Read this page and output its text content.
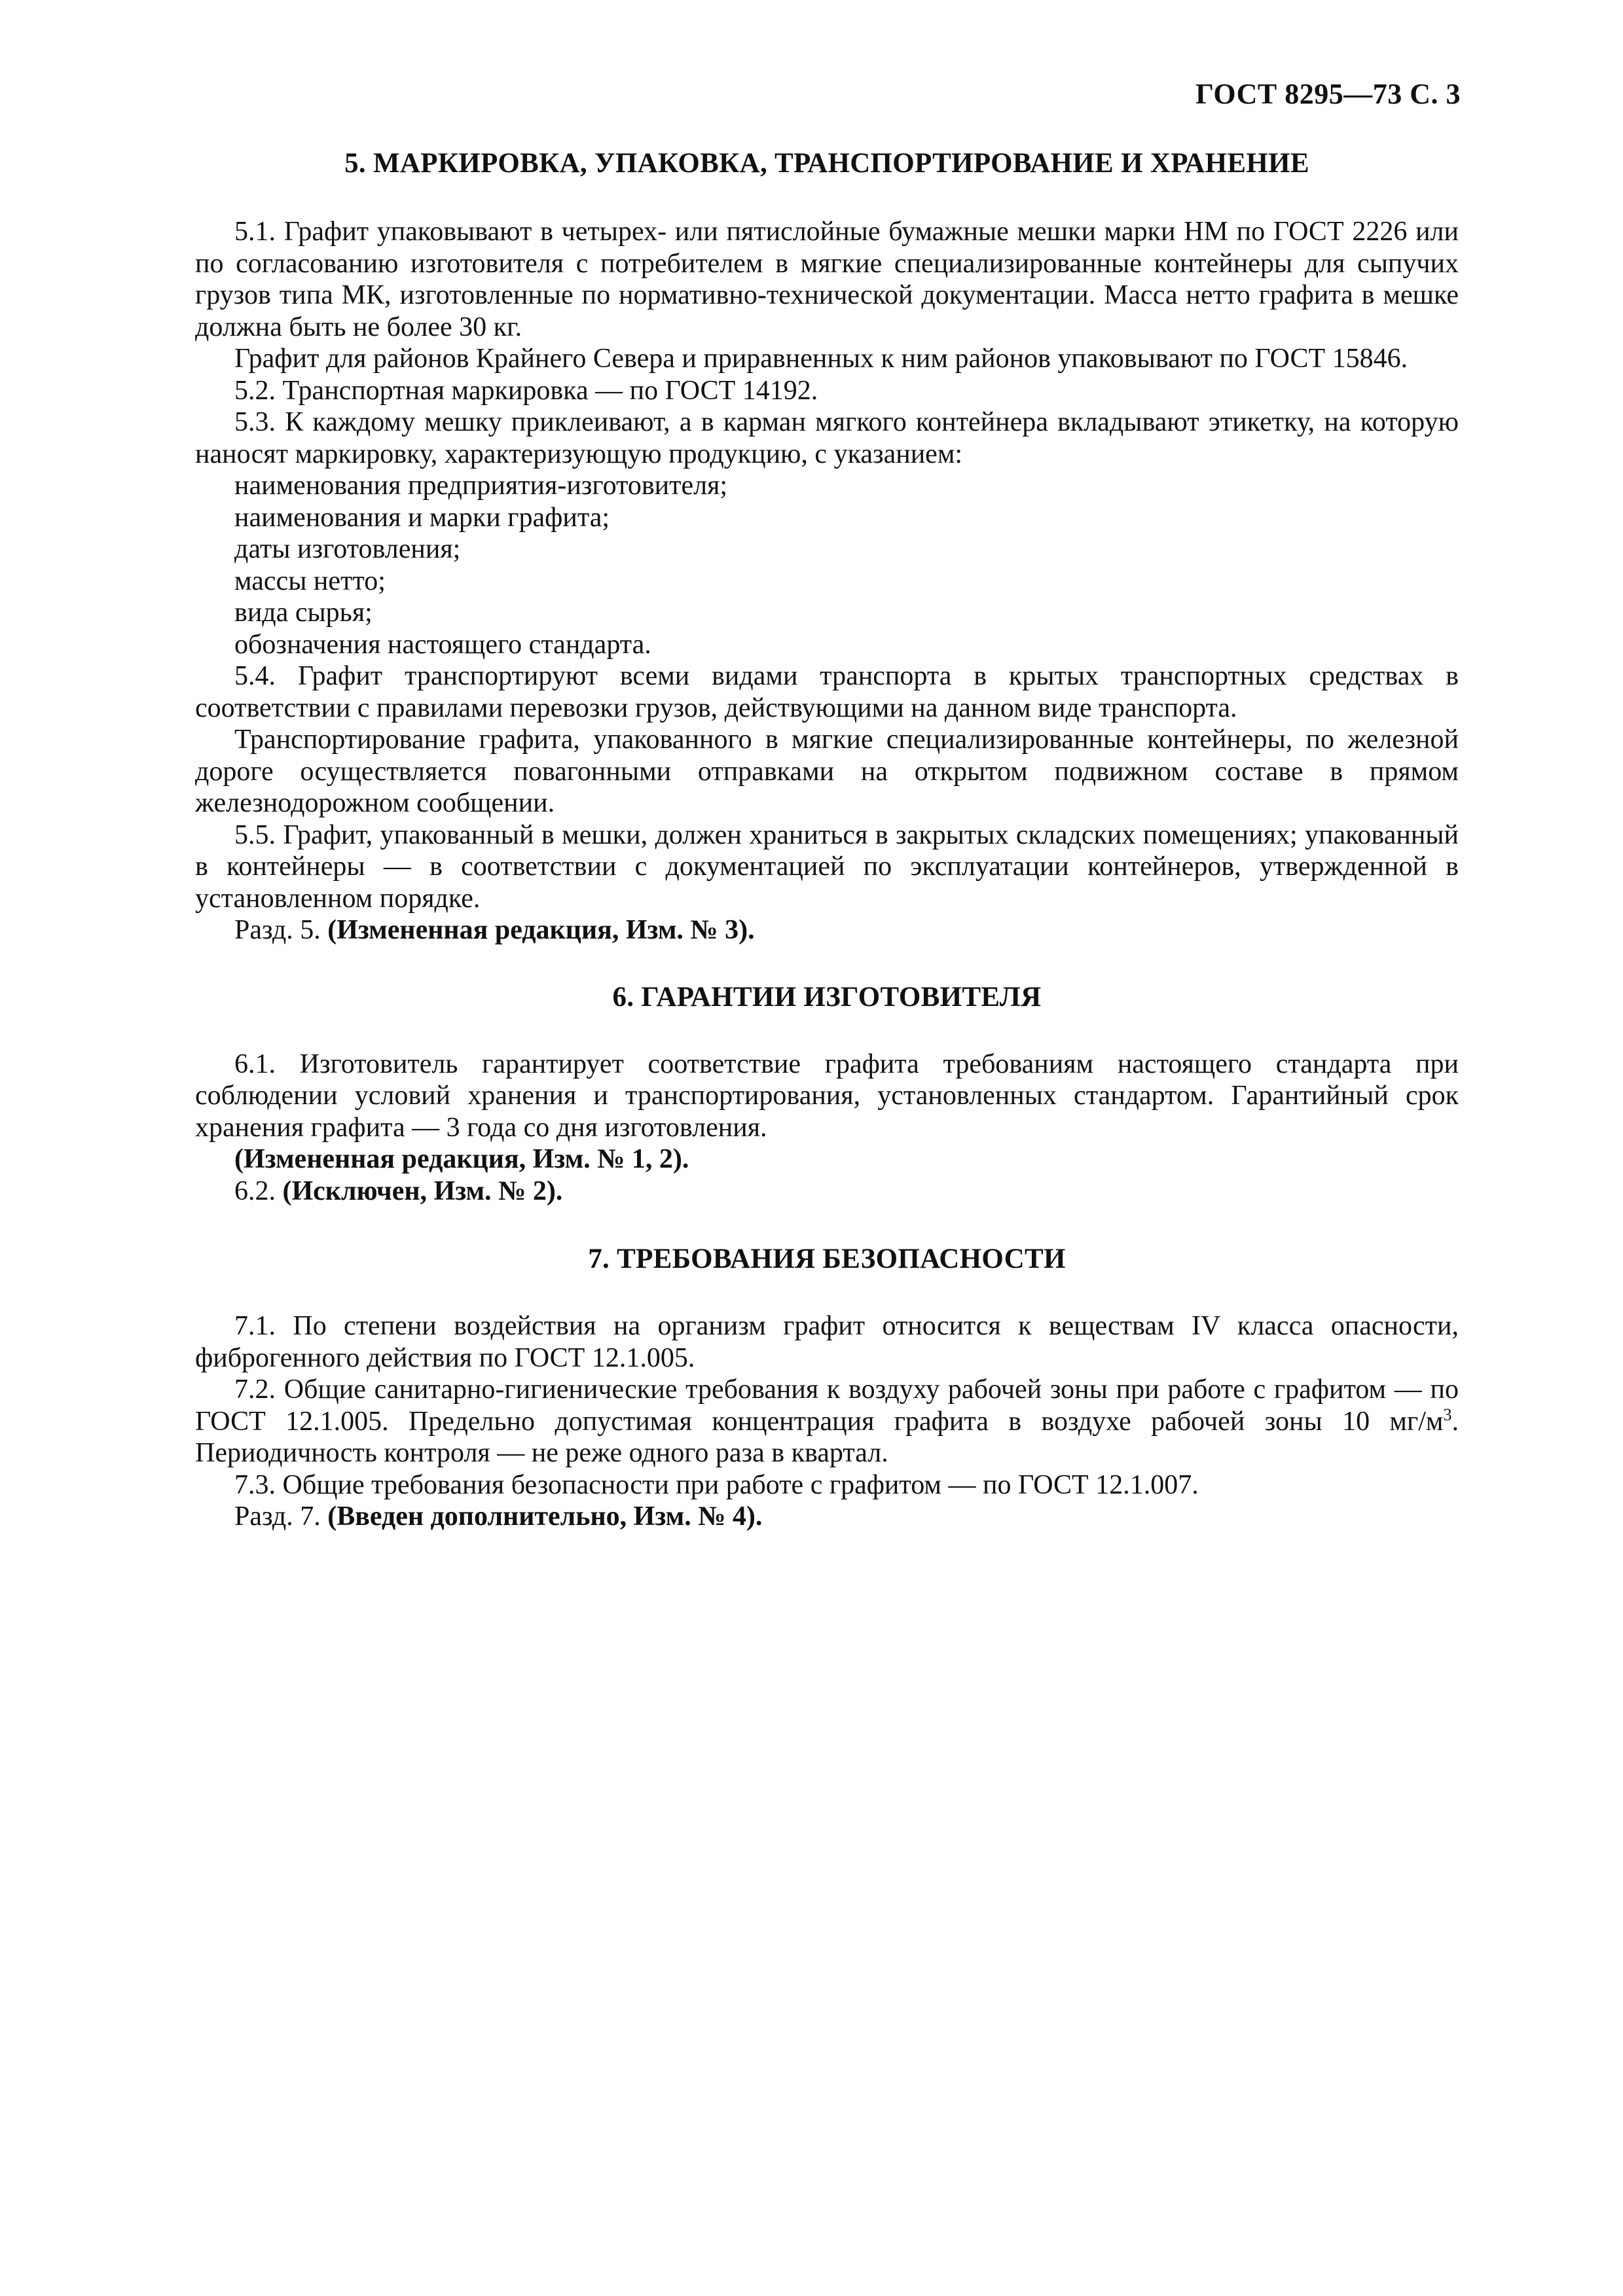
ГОСТ 8295—73 С. 3
5. МАРКИРОВКА, УПАКОВКА, ТРАНСПОРТИРОВАНИЕ И ХРАНЕНИЕ

5.1. Графит упаковывают в четырех- или пятислойные бумажные мешки марки НМ по ГОСТ 2226 или по согласованию изготовителя с потребителем в мягкие специализированные контейнеры для сыпучих грузов типа МК, изготовленные по нормативно-технической документации. Масса нетто графита в мешке должна быть не более 30 кг.

Графит для районов Крайнего Севера и приравненных к ним районов упаковывают по ГОСТ 15846.

5.2. Транспортная маркировка — по ГОСТ 14192.

5.3. К каждому мешку приклеивают, а в карман мягкого контейнера вкладывают этикетку, на которую наносят маркировку, характеризующую продукцию, с указанием:

наименования предприятия-изготовителя;

наименования и марки графита;

даты изготовления;

массы нетто;

вида сырья;

обозначения настоящего стандарта.

5.4. Графит транспортируют всеми видами транспорта в крытых транспортных средствах в соответствии с правилами перевозки грузов, действующими на данном виде транспорта.

Транспортирование графита, упакованного в мягкие специализированные контейнеры, по железной дороге осуществляется повагонными отправками на открытом подвижном составе в прямом железнодорожном сообщении.

5.5. Графит, упакованный в мешки, должен храниться в закрытых складских помещениях; упакованный в контейнеры — в соответствии с документацией по эксплуатации контейнеров, утвержденной в установленном порядке.

Разд. 5. (Измененная редакция, Изм. № 3).

6. ГАРАНТИИ ИЗГОТОВИТЕЛЯ

6.1. Изготовитель гарантирует соответствие графита требованиям настоящего стандарта при соблюдении условий хранения и транспортирования, установленных стандартом. Гарантийный срок хранения графита — 3 года со дня изготовления.

(Измененная редакция, Изм. № 1, 2).

6.2. (Исключен, Изм. № 2).

7. ТРЕБОВАНИЯ БЕЗОПАСНОСТИ

7.1. По степени воздействия на организм графит относится к веществам IV класса опасности, фиброгенного действия по ГОСТ 12.1.005.

7.2. Общие санитарно-гигиенические требования к воздуху рабочей зоны при работе с графитом — по ГОСТ 12.1.005. Предельно допустимая концентрация графита в воздухе рабочей зоны 10 $мг/м^3$. Периодичность контроля — не реже одного раза в квартал.

7.3. Общие требования безопасности при работе с графитом — по ГОСТ 12.1.007.

Разд. 7. (Введен дополнительно, Изм. № 4).
